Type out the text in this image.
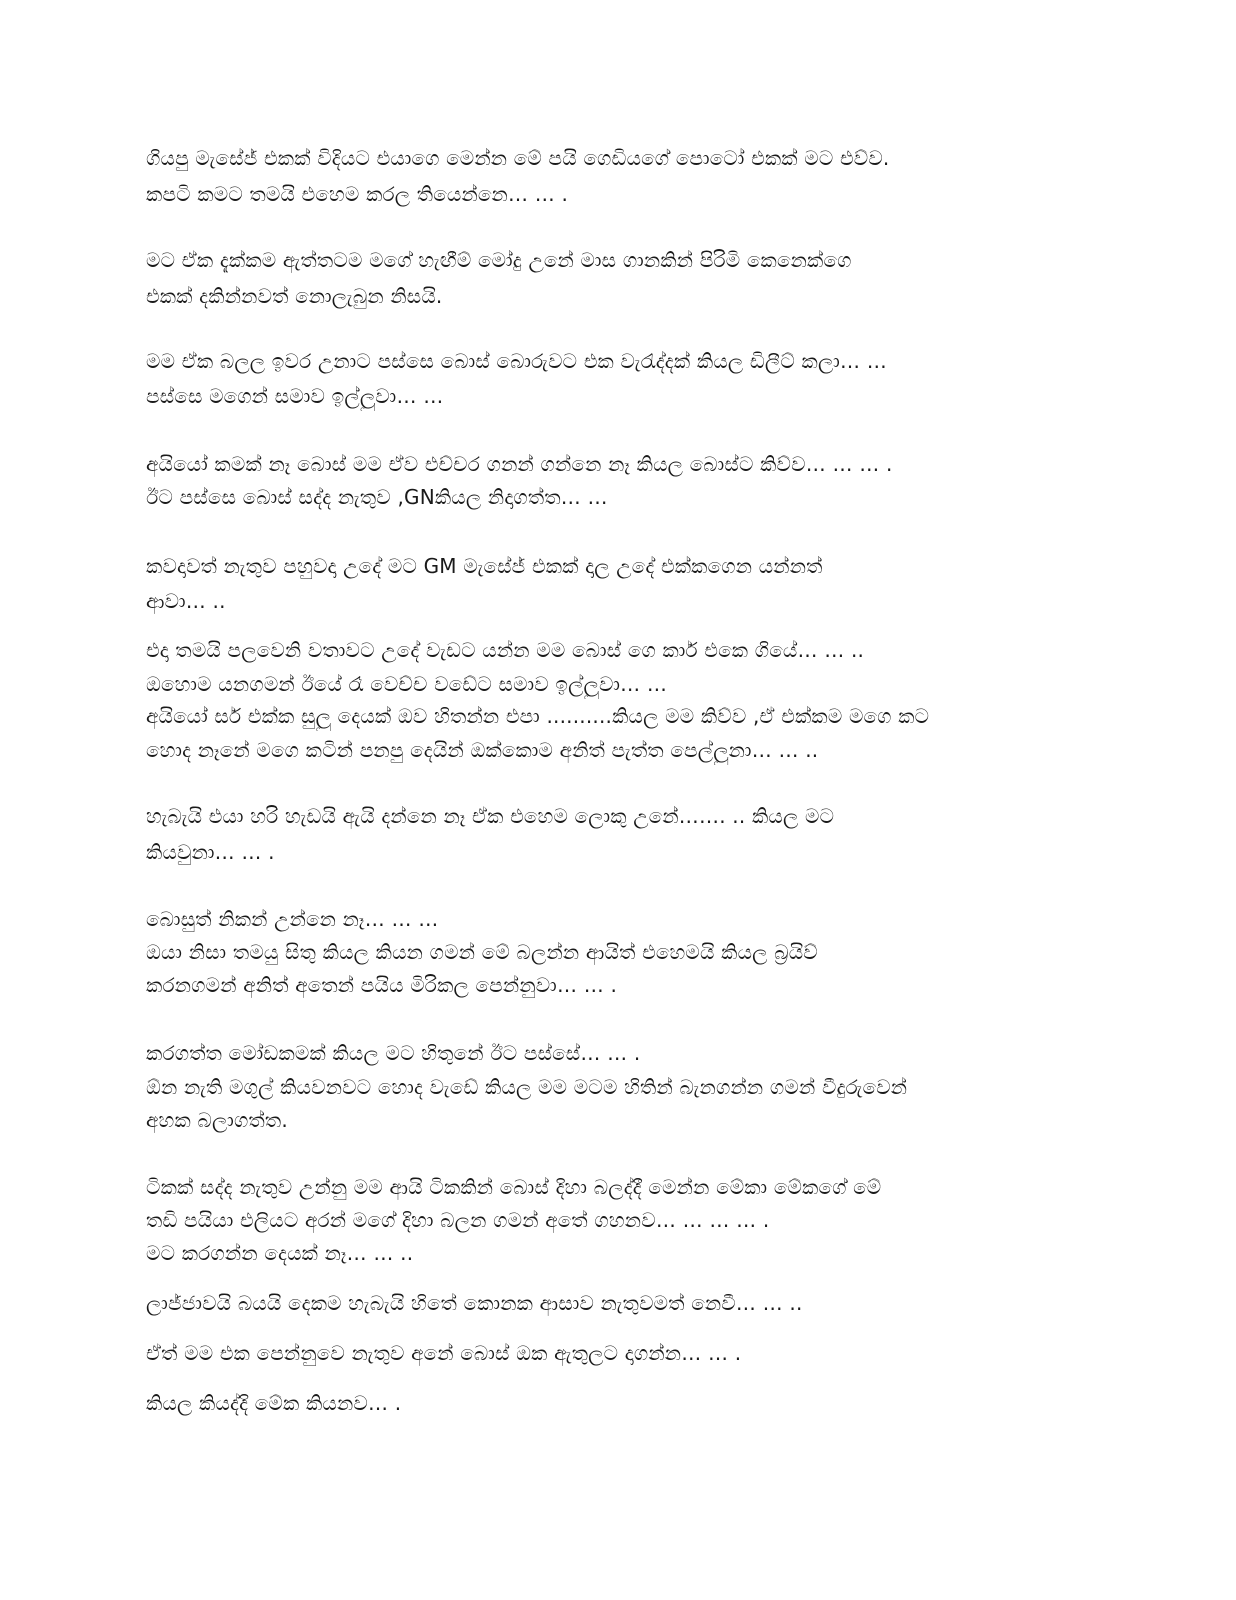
ගියපු මැසේජ් එකක් විදියට එයාගෙ මෙන්න මේ පයි ගෙඩියගේ පොටෝ එකක් මට එව්ව.
කපටි කමට තමයි එහෙම කරල තියෙන්නෙ… … .
මට ඒක දැක්කම ඇත්තටම මගේ හැඟීම් මෝදු උනේ මාස ගානකින් පිරිමි කෙනෙක්ගෙ
එකක් දකින්නවත් නොලැබුන නිසයි.
මම ඒක බලල ඉවර උනාට පස්සෙ බොස් බොරුවට එක වැරැද්දක් කියල ඩිලීට් කලා… …
පස්සෙ මගෙන් සමාව ඉල්ලුවා… …
අයියෝ කමක් නෑ බොස් මම ඒව එච්චර ගනන් ගන්නෙ නෑ කියල බොස්ට කිව්ව… … … .
ඊට පස්සෙ බොස් සද්ද නැතුව ,GNකියල නිදාගත්ත… …
කවදාවත් නැතුව පහුවදා උදේ මට GM මැසේජ් එකක් දාල උදේ එක්කගෙන යන්නත්
ආවා… ..
එදා තමයි පලවෙනි වතාවට උදේ වැඩට යන්න මම බොස් ගෙ කාර් එකෙ ගියේ… … ..
ඔහොම යනගමන් ඊයේ රෑ වෙච්ච වඩේට සමාව ඉල්ලුවා… …
අයියෝ සර් එක්ක සුලු දෙයක් ඔව හිතන්න එපා ..........කියල මම කිව්ව ,ඒ එක්කම මගෙ කට
හොද නෑනේ මගෙ කටින් පනපු දෙයින් ඔක්කොම අනිත් පැත්ත පෙල්ලුනා… … ..
හැබැයි එයා හරි හැඩයි ඇයි දන්නෙ නෑ ඒක එහෙම ලොකු උනේ……. .. කියල මට
කියවුනා… … .
බොසුත් නිකන් උන්නෙ නෑ… … …
ඔයා නිසා තමයු සිතු කියල කියන ගමන් මේ බලන්න ආයිත් එහෙමයි කියල බ්‍රයිව්
කරනගමන් අනිත් අතෙන් පයිය මිරිකල පෙන්නුවා… … .
කරගත්ත මෝඩකමක් කියල මට හිතුනේ ඊට පස්සේ… … .
ඕන නැති මගුල් කියවනවට හොද වැඩේ කියල මම මටම හිතින් බැනගන්න ගමන් වීදුරුවෙන්
අහක බලාගත්ත.
ටිකක් සද්ද නැතුව උන්නු මම ආයි ටිකකින් බොස් දිහා බලද්දී මෙන්න මේකා මේකගේ මේ
තඩි පයියා එලියට අරන් මගේ දිහා බලන ගමන් අතේ ගහනව… … … … .
මට කරගන්න දෙයක් නෑ… … ..
ලාජ්ජාවයි බයයි දෙකම හැබැයි හිතේ කොනක ආසාව නැතුවමත් නෙවී… … ..
ඒත් මම එක පෙන්නුවෙ නැතුව අනේ බොස් ඔක ඇතුලට දාගන්න… … .
කියල කියද්දි මේක කියනව… .
